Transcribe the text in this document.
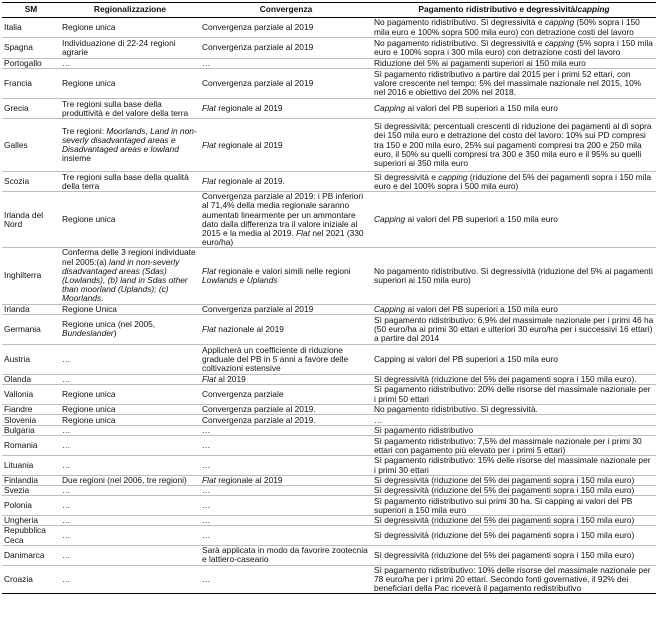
SM	Regionalizzazione	Convergenza	Pagamento ridistributivo e degressività/capping
Italia	Regione unica	Convergenza parziale al 2019	No pagamento ridistributivo. Sì degressività e capping (50% sopra i 150 mila euro e 100% sopra 500 mila euro) con detrazione costi del lavoro
Spagna	Individuazione di 22-24 regioni agrarie	Convergenza parziale al 2019	No pagamento ridistributivo. Sì degressività e capping (5% sopra i 150 mila euro e 100% sopra i 300 mila euro) con detrazione costi del lavoro
Portogallo	…	…	Riduzione del 5% ai pagamenti superiori ai 150 mila euro
Francia	Regione unica	Convergenza parziale al 2019	Sì pagamento ridistributivo a partire dal 2015 per i primi 52 ettari, con valore crescente nel tempo: 5% del massimale nazionale nel 2015, 10% nel 2016 e obiettivo del 20% nel 2018.
Grecia	Tre regioni sulla base della produttività e del valore della terra	Flat regionale al 2019	Capping ai valori del PB superiori a 150 mila euro
Galles	Tre regioni: Moorlands, Land in non-severly disadvantaged areas e Disadvantaged areas e lowland insieme	Flat regionale al 2019	Sì degressività; percentuali crescenti di riduzione dei pagamenti al di sopra dei 150 mila euro e detrazione del costo del lavoro: 10% sui PD compresi tra 150 e 200 mila euro, 25% sui pagamenti compresi tra 200 e 250 mila euro, il 50% su quelli compresi tra 300 e 350 mila euro e il 95% su quelli superiori ai 350 mila euro
Scozia	Tre regioni sulla base della qualità della terra	Flat regionale al 2019.	Sì degressività e capping (riduzione del 5% dei pagamenti sopra i 150 mila euro e del 100% sopra i 500 mila euro)
Irlanda del Nord	Regione unica	Convergenza parziale al 2019: i PB inferiori al 71,4% della media regionale saranno aumentati linearmente per un ammontare dato dalla differenza tra il valore iniziale al 2015 e la media al 2019. Flat nel 2021 (330 euro/ha)	Capping ai valori del PB superiori a 150 mila euro
Inghilterra	Conferma delle 3 regioni individuate nel 2005:(a) land in non-severly disadvantaged areas (Sdas) (Lowlands), (b) land in Sdas other than moorland (Uplands); (c) Moorlands.	Flat regionale e valori simili nelle regioni Lowlands e Uplands	No pagamento ridistributivo. Sì degressività (riduzione del 5% ai pagamenti superiori ai 150 mila euro)
Irlanda	Regione Unica	Convergenza parziale al 2019	Capping ai valori del PB superiori a 150 mila euro
Germania	Regione unica (nel 2005, Bundeslander)	Flat nazionale al 2019	Sì pagamento ridistributivo: 6,9% del massimale nazionale per i primi 46 ha (50 euro/ha ai primi 30 ettari e ulteriori 30 euro/ha per i successivi 16 ettari) a partire dal 2014
Austria	…	Applicherà un coefficiente di riduzione graduale del PB in 5 anni a favore delle coltivazioni estensive	Capping ai valori del PB superiori a 150 mila euro
Olanda	…	Flat al 2019	Sì degressività (riduzione del 5% dei pagamenti sopra i 150 mila euro).
Vallonia	Regione unica	Convergenza parziale	Sì pagamento ridistributivo: 20% delle risorse del massimale nazionale per i primi 50 ettari
Fiandre	Regione unica	Convergenza parziale al 2019.	No pagamento ridistributivo. Sì degressività.
Slovenia	Regione unica	Convergenza parziale al 2019.	…
Bulgaria	…	…	Sì pagamento ridistributivo
Romania	…	…	Sì pagamento ridistributivo: 7,5% del massimale nazionale per i primi 30 ettari con pagamento più elevato per i primi 5 ettari)
Lituania	…	…	Sì pagamento ridistributivo: 15% delle risorse del massimale nazionale per i primi 30 ettari
Finlandia	Due regioni (nel 2006, tre regioni)	Flat regionale al 2019	Sì degressività (riduzione del 5% dei pagamenti sopra i 150 mila euro)
Svezia	…	…	Sì degressività (riduzione del 5% dei pagamenti sopra i 150 mila euro)
Polonia	…	…	Sì pagamento ridistributivo sui primi 30 ha. Sì capping ai valori del PB superiori a 150 mila euro
Ungheria	…	…	Sì degressività (riduzione del 5% dei pagamenti sopra i 150 mila euro)
Repubblica Ceca	…	…	Sì degressività (riduzione del 5% dei pagamenti sopra i 150 mila euro)
Danimarca	…	Sarà applicata in modo da favorire zootecnia e lattiero-caseario	Sì degressività (riduzione del 5% dei pagamenti sopra i 150 mila euro)
Croazia	…	…	Sì pagamento ridistributivo: 10% delle risorse del massimale nazionale per 78 euro/ha per i primi 20 ettari. Secondo fonti governative, il 92% dei beneficiari della Pac riceverà il pagamento redistributivo
